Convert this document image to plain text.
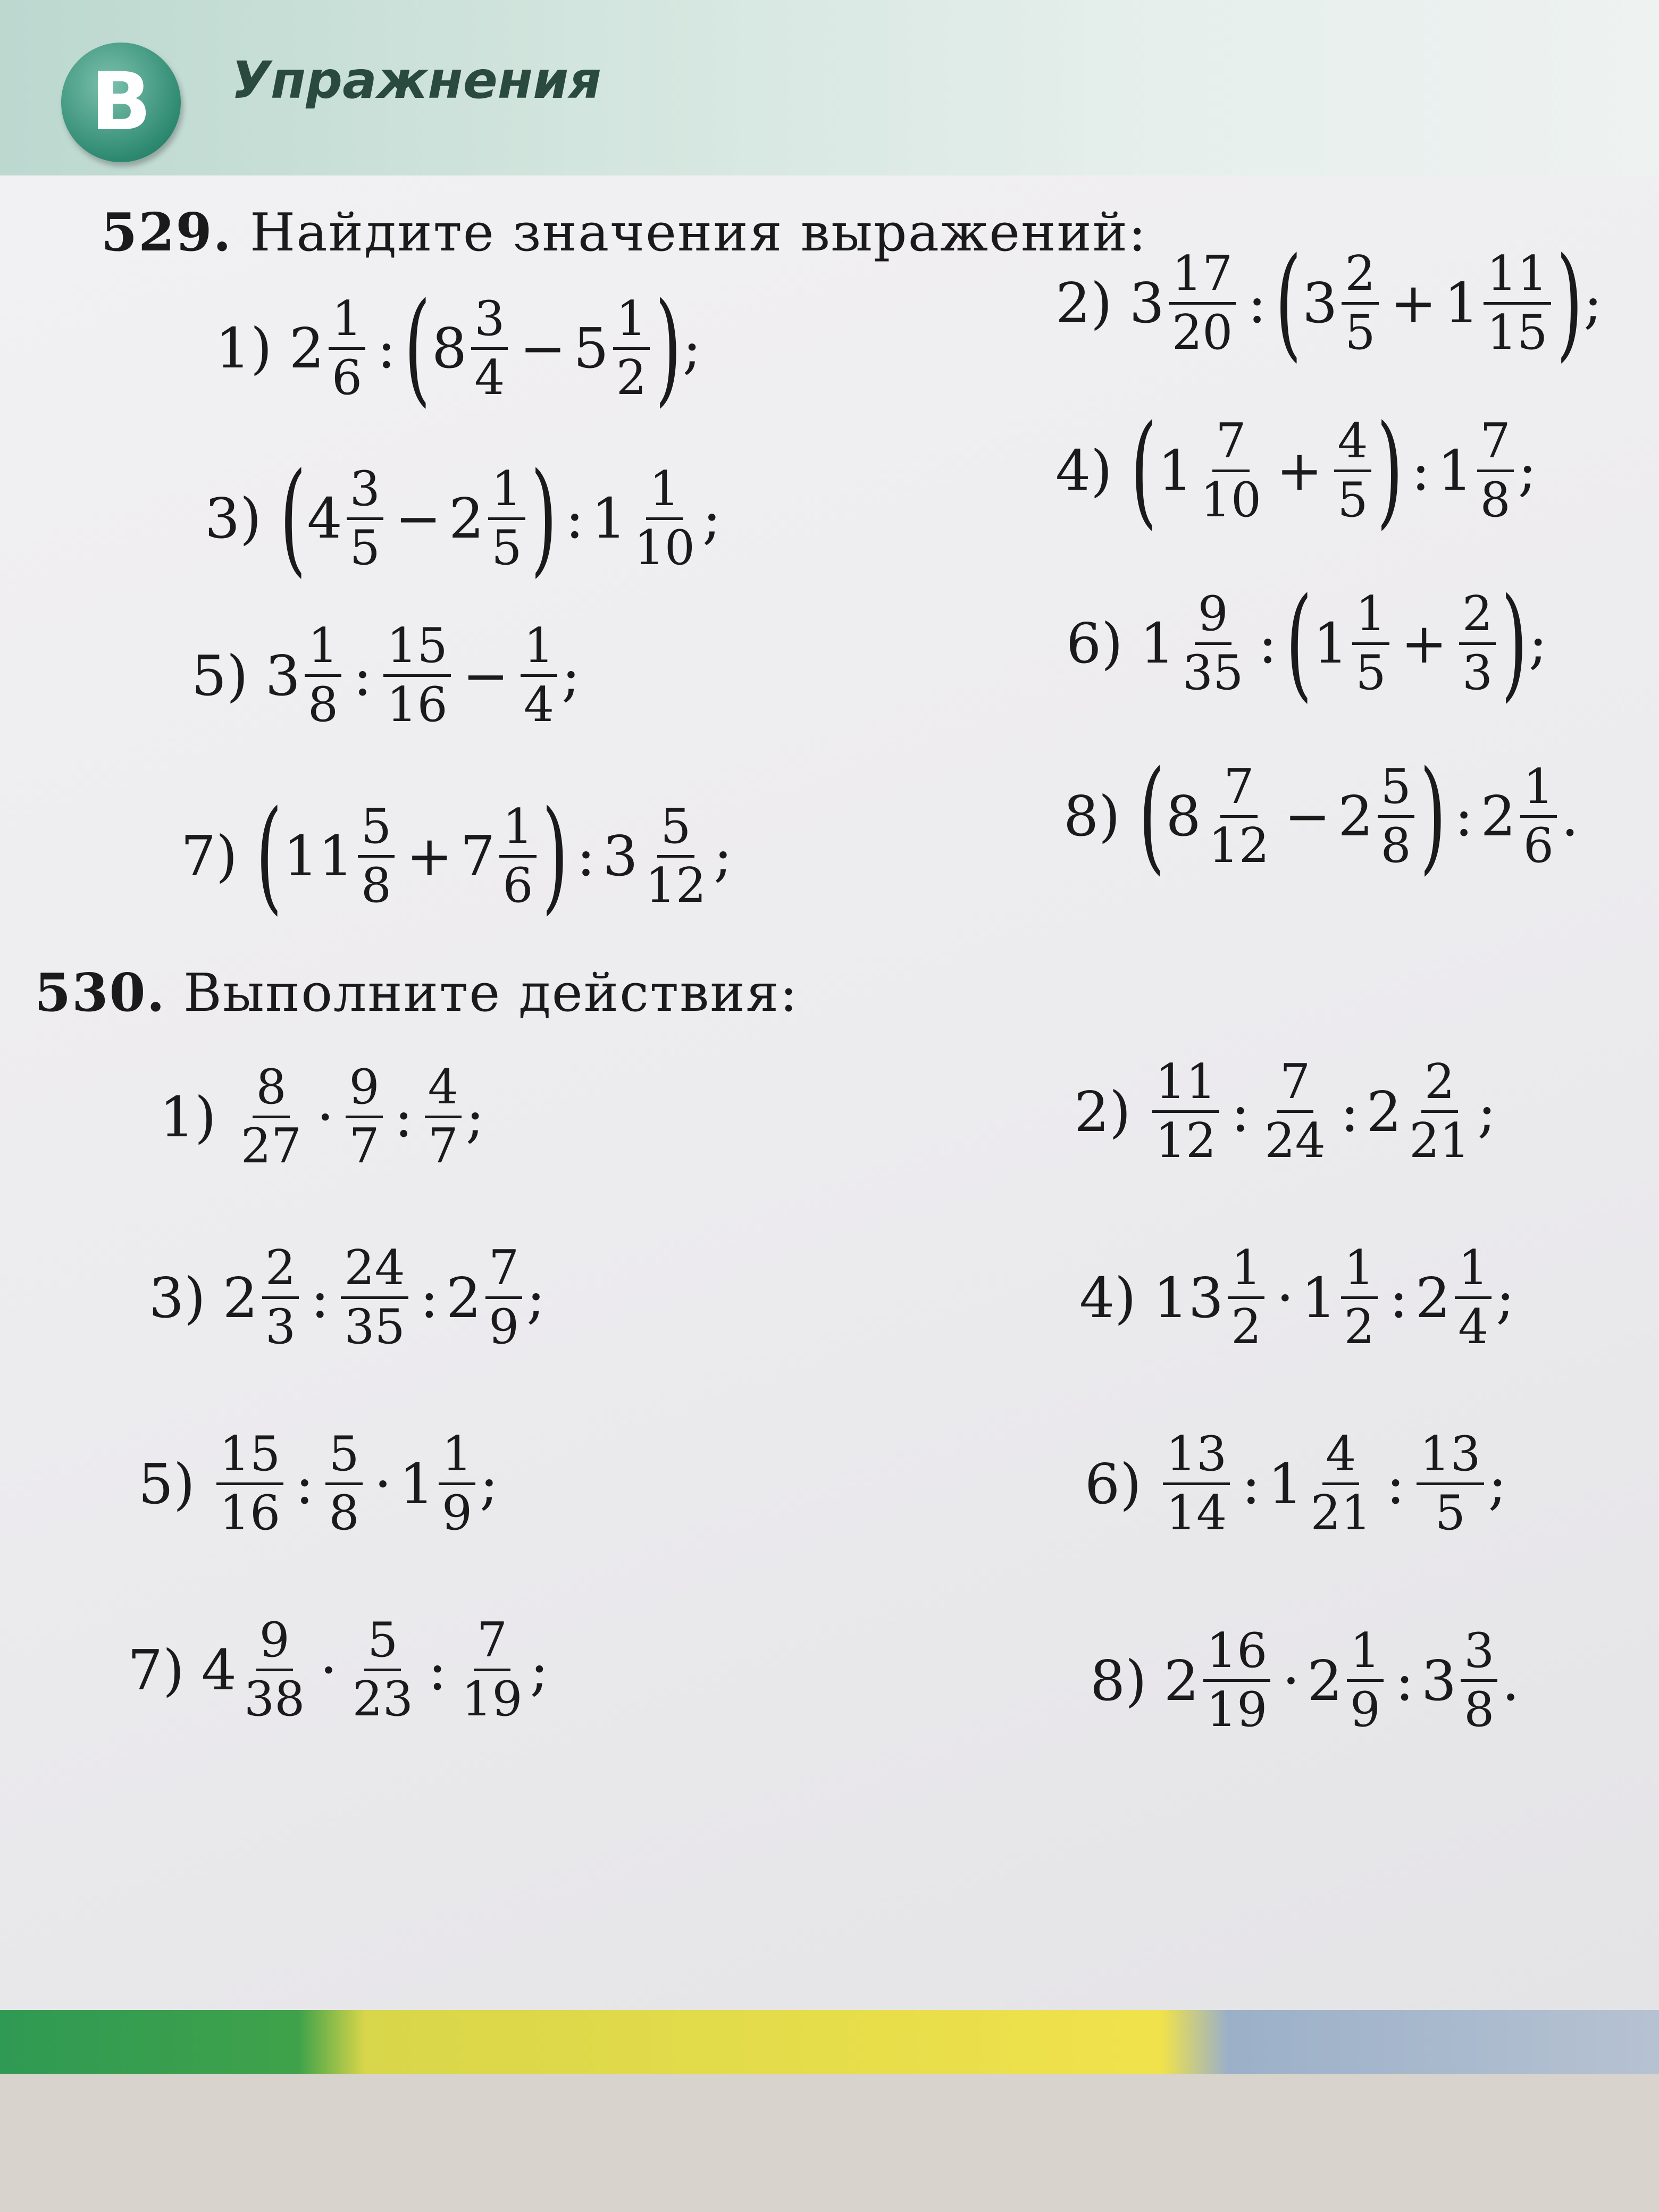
В	Упражнения
529. Найдите значения выражений:
1) $2 \frac{1}{6}$ : ( $8 \frac{3}{4} - 5 \frac{1}{2}$ ) ;
2) $3 \frac{17}{20}$ : ( $3 \frac{2}{5} + 1 \frac{11}{15}$ ) ;
3) ( $4 \frac{3}{5} - 2 \frac{1}{5}$ ) : $1 \frac{1}{10}$ ;
4) ( $1 \frac{7}{10} + \frac{4}{5}$ ) : $1 \frac{7}{8}$ ;
5) $3 \frac{1}{8}$ : $\frac{15}{16} - \frac{1}{4}$ ;	6) $1 \frac{9}{35}$ : ( $1 \frac{1}{5} + \frac{2}{3}$ ) ;
7) ( $11 \frac{5}{8} + 7 \frac{1}{6}$ ) : $3 \frac{5}{12}$ ;
8) ( $8 \frac{7}{12} - 2 \frac{5}{8}$ ) : $2 \frac{1}{6}$ .
530. Выполните действия:
$1) \frac{8}{27} \cdot \frac{9}{7}$ : $\frac{4}{7}$ ;	$2) \frac{11}{12}$ : $\frac{7}{24}$ : $2 \frac{2}{21}$ ;
3) $2 \frac{2}{3}$ : $\frac{24}{35}$ : $2 \frac{7}{9}$ ;	4) $13 \frac{1}{2} \cdot 1 \frac{1}{2}$ : $2 \frac{1}{4}$ ;
$5) \frac{15}{16}$ : $\frac{5}{8} \cdot 1 \frac{1}{9}$ ;	$6) \frac{13}{14}$ : $1 \frac{4}{21}$ : $\frac{13}{5}$ ;
7) $4 \frac{9}{38} \cdot \frac{5}{23}$ : $\frac{7}{19}$ ;	8) $2 \frac{16}{19} \cdot 2 \frac{1}{9}$ : $3 \frac{3}{8}$ .
